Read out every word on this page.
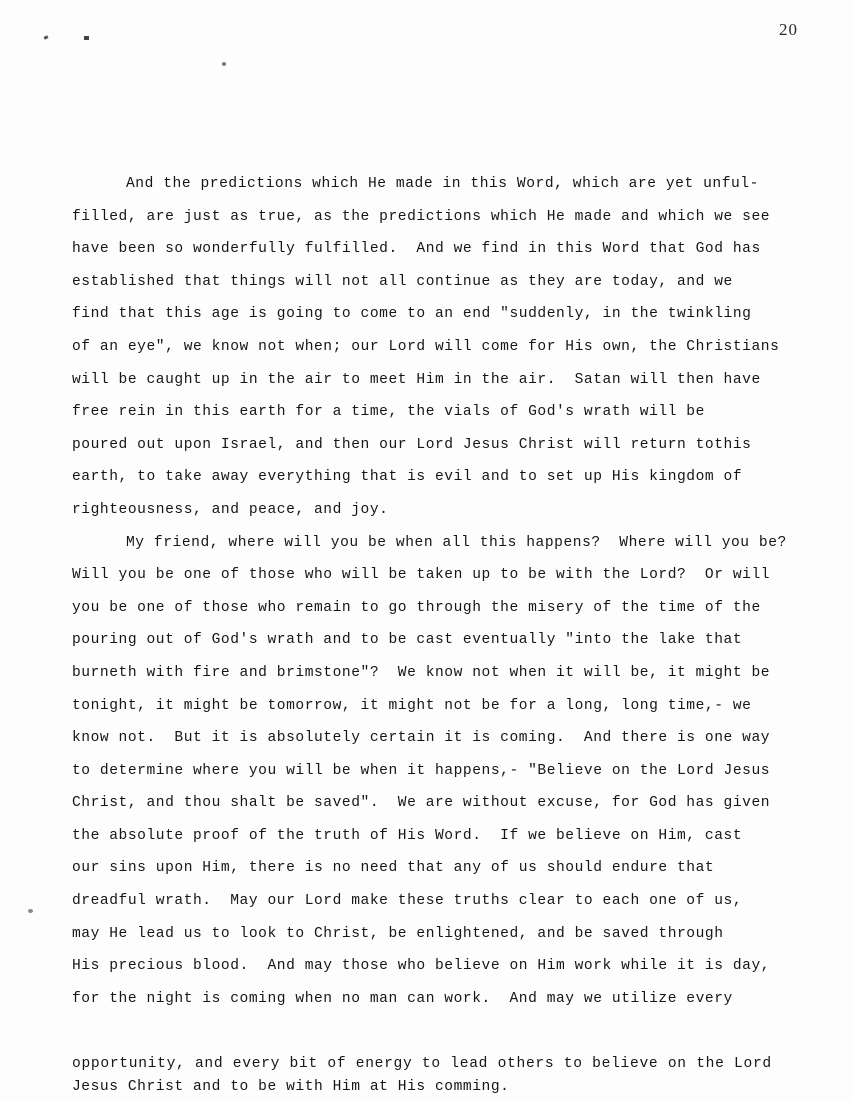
20
And the predictions which He made in this Word, which are yet unful-
filled, are just as true, as the predictions which He made and which we see
have been so wonderfully fulfilled.  And we find in this Word that God has
established that things will not all continue as they are today, and we
find that this age is going to come to an end "suddenly, in the twinkling
of an eye", we know not when; our Lord will come for His own, the Christians
will be caught up in the air to meet Him in the air.  Satan will then have
free rein in this earth for a time, the vials of God's wrath will be
poured out upon Israel, and then our Lord Jesus Christ will return tothis
earth, to take away everything that is evil and to set up His kingdom of
righteousness, and peace, and joy.
My friend, where will you be when all this happens?  Where will you be?
Will you be one of those who will be taken up to be with the Lord?  Or will
you be one of those who remain to go through the misery of the time of the
pouring out of God's wrath and to be cast eventually "into the lake that
burneth with fire and brimstone"?  We know not when it will be, it might be
tonight, it might be tomorrow, it might not be for a long, long time,- we
know not.  But it is absolutely certain it is coming.  And there is one way
to determine where you will be when it happens,- "Believe on the Lord Jesus
Christ, and thou shalt be saved".  We are without excuse, for God has given
the absolute proof of the truth of His Word.  If we believe on Him, cast
our sins upon Him, there is no need that any of us should endure that
dreadful wrath.  May our Lord make these truths clear to each one of us,
may He lead us to look to Christ, be enlightened, and be saved through
His precious blood.  And may those who believe on Him work while it is day,
for the night is coming when no man can work.  And may we utilize every
opportunity, and every bit of energy to lead others to believe on the Lord
Jesus Christ and to be with Him at His comming.
